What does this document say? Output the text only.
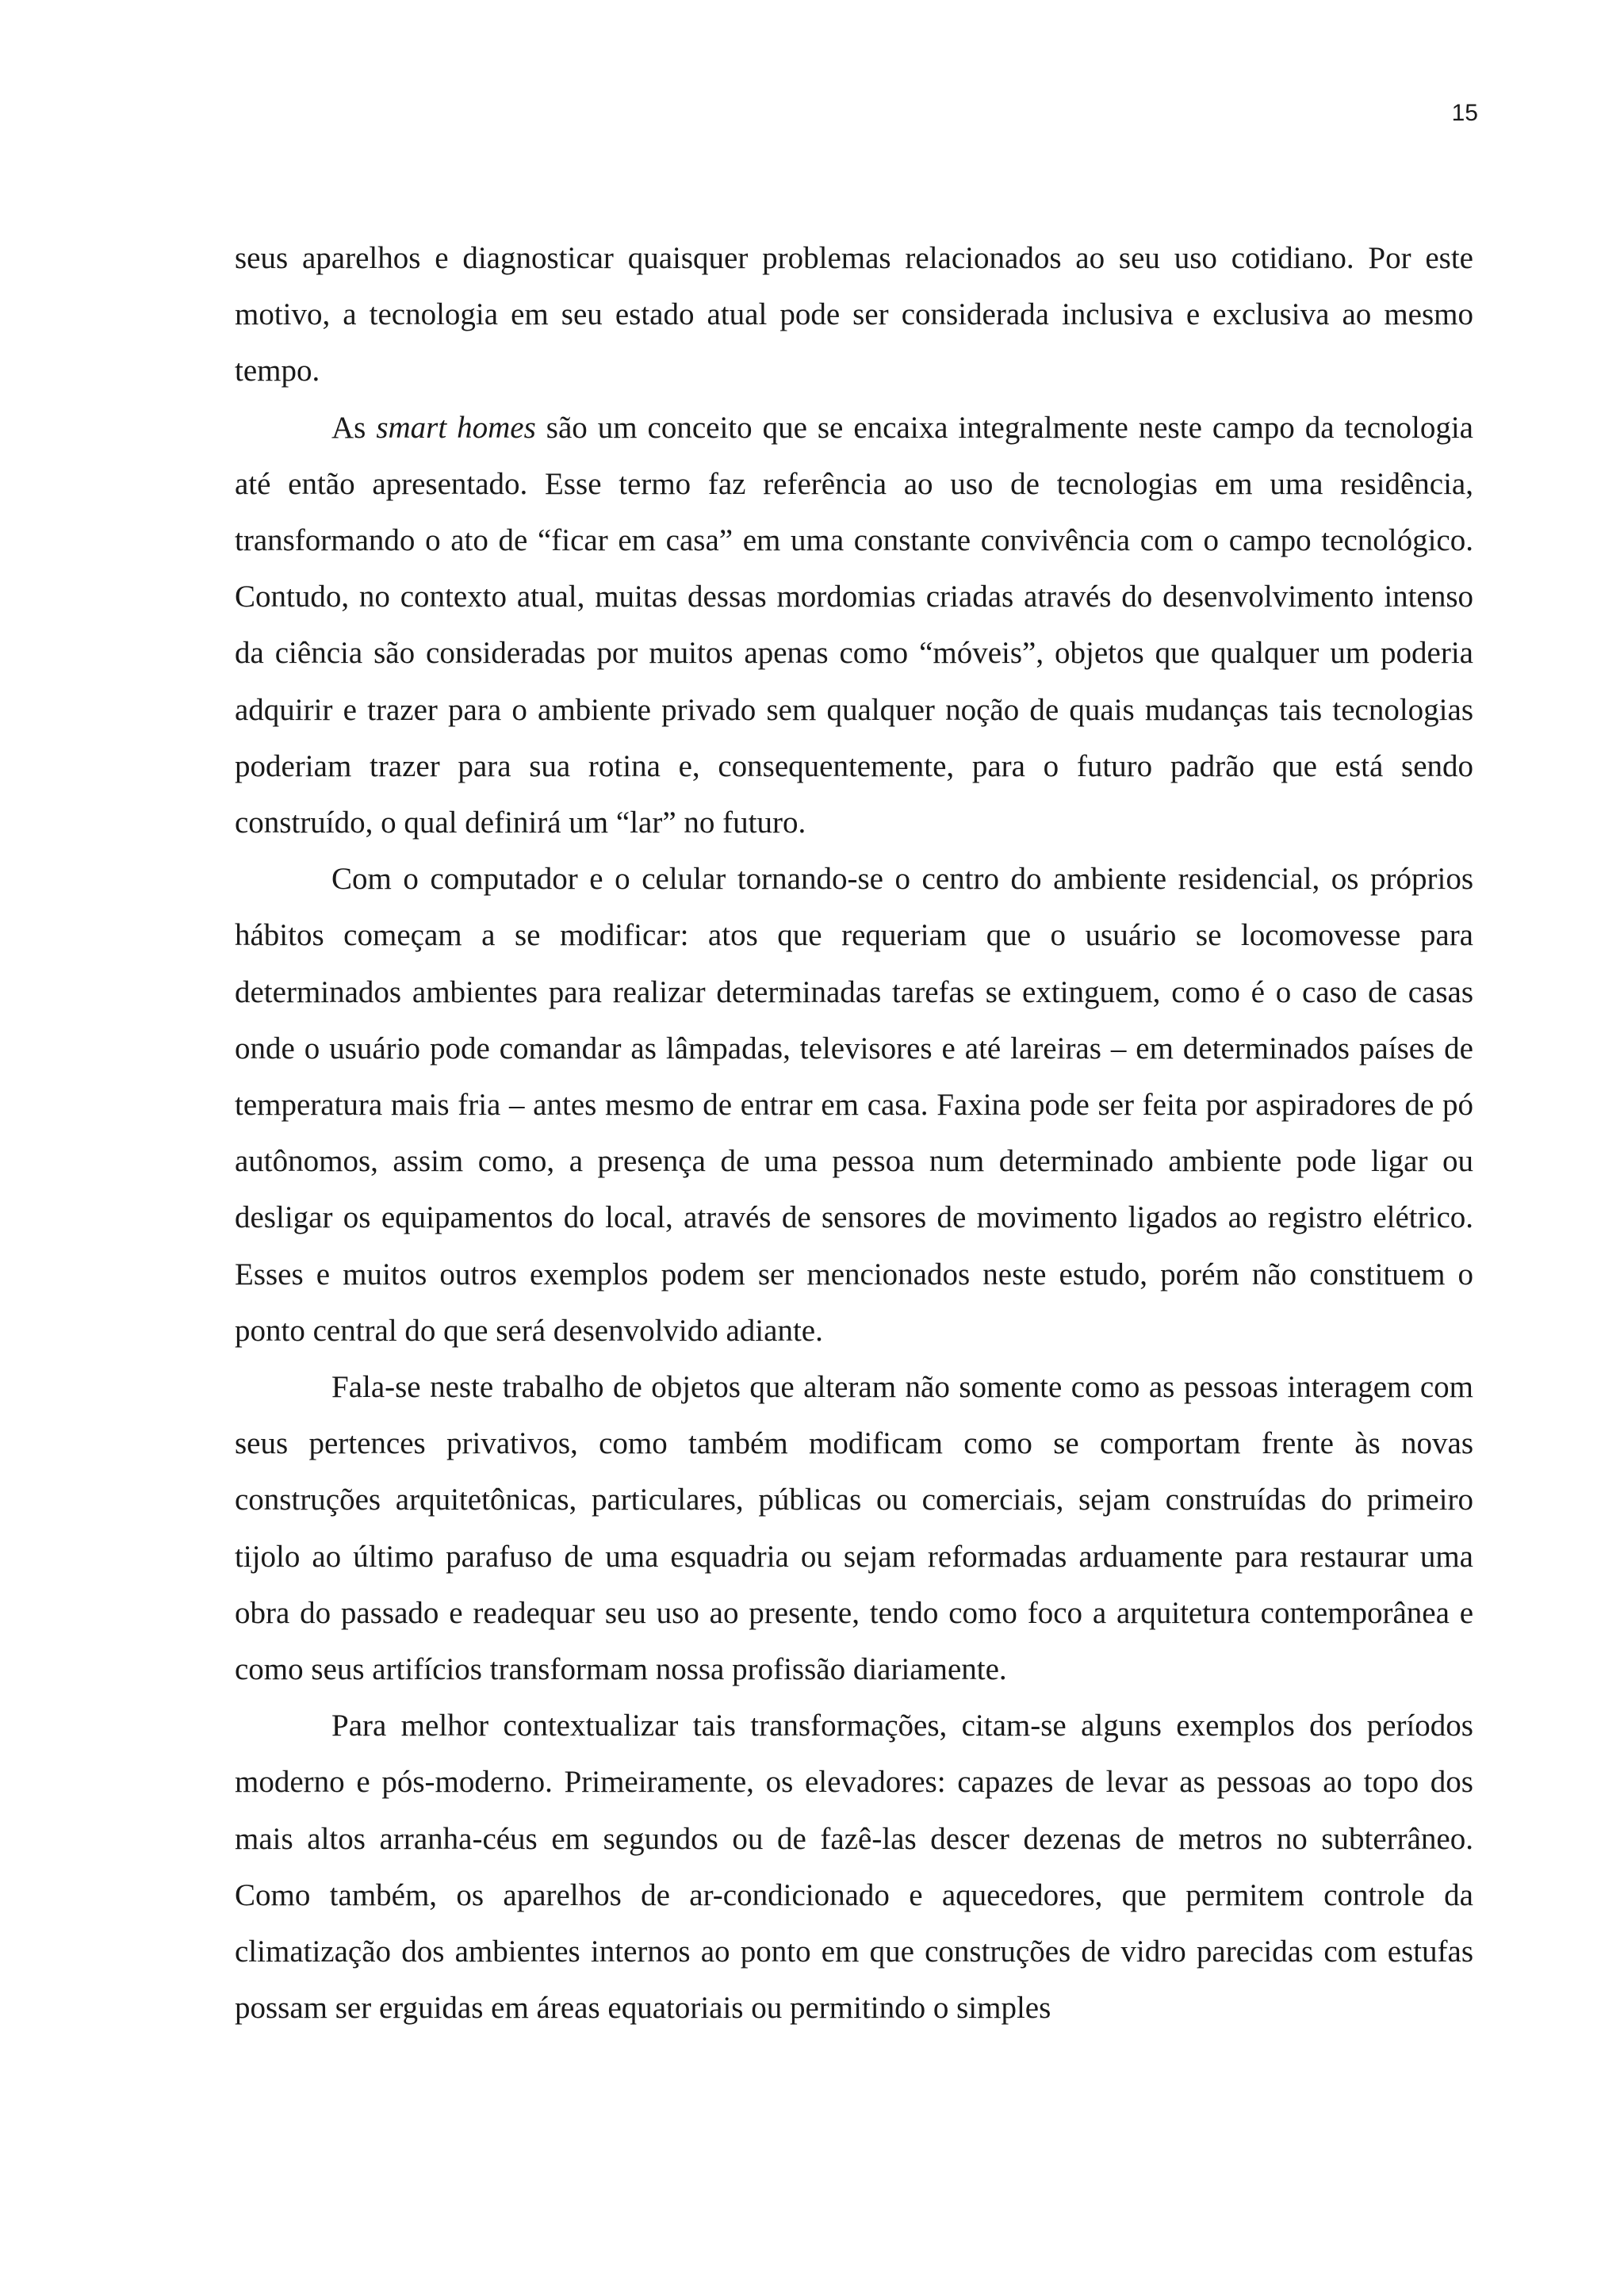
15

seus aparelhos e diagnosticar quaisquer problemas relacionados ao seu uso cotidiano. Por este motivo, a tecnologia em seu estado atual pode ser considerada inclusiva e exclusiva ao mesmo tempo.

As smart homes são um conceito que se encaixa integralmente neste campo da tecnologia até então apresentado. Esse termo faz referência ao uso de tecnologias em uma residência, transformando o ato de “ficar em casa” em uma constante convivência com o campo tecnológico. Contudo, no contexto atual, muitas dessas mordomias criadas através do desenvolvimento intenso da ciência são consideradas por muitos apenas como “móveis”, objetos que qualquer um poderia adquirir e trazer para o ambiente privado sem qualquer noção de quais mudanças tais tecnologias poderiam trazer para sua rotina e, consequentemente, para o futuro padrão que está sendo construído, o qual definirá um “lar” no futuro.

Com o computador e o celular tornando-se o centro do ambiente residencial, os próprios hábitos começam a se modificar: atos que requeriam que o usuário se locomovesse para determinados ambientes para realizar determinadas tarefas se extinguem, como é o caso de casas onde o usuário pode comandar as lâmpadas, televisores e até lareiras – em determinados países de temperatura mais fria – antes mesmo de entrar em casa. Faxina pode ser feita por aspiradores de pó autônomos, assim como, a presença de uma pessoa num determinado ambiente pode ligar ou desligar os equipamentos do local, através de sensores de movimento ligados ao registro elétrico. Esses e muitos outros exemplos podem ser mencionados neste estudo, porém não constituem o ponto central do que será desenvolvido adiante.

Fala-se neste trabalho de objetos que alteram não somente como as pessoas interagem com seus pertences privativos, como também modificam como se comportam frente às novas construções arquitetônicas, particulares, públicas ou comerciais, sejam construídas do primeiro tijolo ao último parafuso de uma esquadria ou sejam reformadas arduamente para restaurar uma obra do passado e readequar seu uso ao presente, tendo como foco a arquitetura contemporânea e como seus artifícios transformam nossa profissão diariamente.

Para melhor contextualizar tais transformações, citam-se alguns exemplos dos períodos moderno e pós-moderno. Primeiramente, os elevadores: capazes de levar as pessoas ao topo dos mais altos arranha-céus em segundos ou de fazê-las descer dezenas de metros no subterrâneo. Como também, os aparelhos de ar-condicionado e aquecedores, que permitem controle da climatização dos ambientes internos ao ponto em que construções de vidro parecidas com estufas possam ser erguidas em áreas equatoriais ou permitindo o simples
